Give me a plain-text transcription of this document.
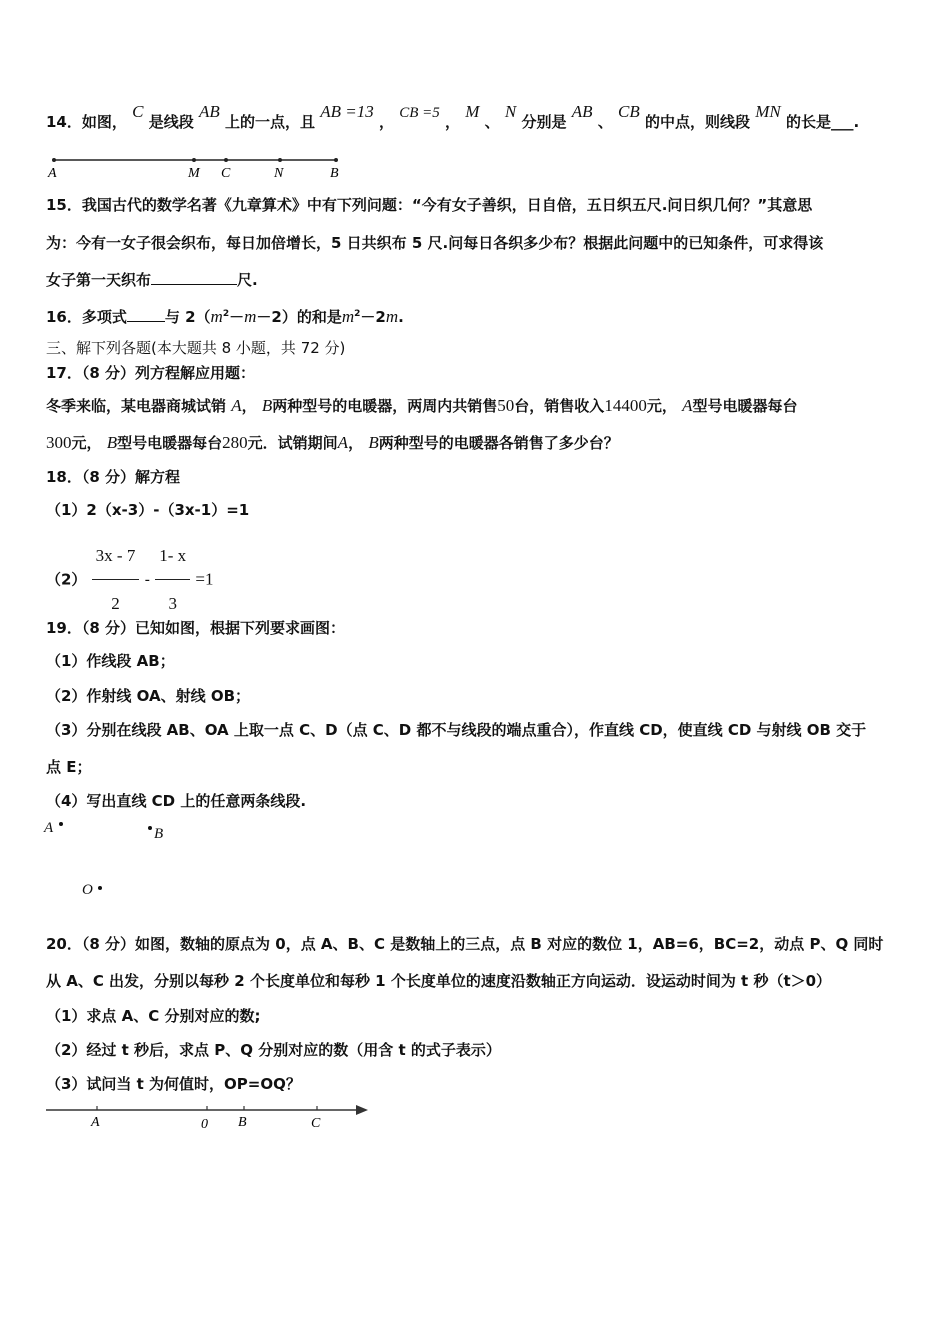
14．如图， C 是线段 AB 上的一点，且 AB =13 ， CB =5 ， M 、 N 分别是 AB 、 CB 的中点，则线段 MN 的长是___.
A	M C	N	B
15．我国古代的数学名著《九章算术》中有下列问题：“今有女子善织，日自倍，五日织五尺.问日织几何？”其意思
为：今有一女子很会织布，每日加倍增长，5 日共织布 5 尺.问每日各织多少布？根据此问题中的已知条件，可求得该
女子第一天织布	尺.
16．多项式	与 $2(m^2-m-2)$的和是$m^2-2m$.
三、解下列各题(本大题共 8 小题，共 72 分)
17．（8 分）列方程解应用题：
冬季来临，某电器商城试销 A， B两种型号的电暖器，两周内共销售50台，销售收入14400元， A型号电暖器每台
300元， B型号电暖器每台280元．试销期间A， B两种型号的电暖器各销售了多少台？
18．（8 分）解方程
（1）2（x-3）-（3x-1）=1
$(2) \frac{3x - 7}{2} - \frac{1- x}{3} =1$
19．（8 分）已知如图，根据下列要求画图：
（1）作线段 AB；
（2）作射线 OA、射线 OB；
（3）分别在线段 AB、OA 上取一点 C、D（点 C、D 都不与线段的端点重合），作直线 CD，使直线 CD 与射线 OB 交于
点 E；
（4）写出直线 CD 上的任意两条线段.
A	B
O
20．（8 分）如图，数轴的原点为 0，点 A、B、C 是数轴上的三点，点 B 对应的数位 1，AB=6，BC=2，动点 P、Q 同时
从 A、C 出发，分别以每秒 2 个长度单位和每秒 1 个长度单位的速度沿数轴正方向运动．设运动时间为 t 秒（t＞0）
（1）求点 A、C 分别对应的数;
（2）经过 t 秒后，求点 P、Q 分别对应的数（用含 t 的式子表示）
（3）试问当 t 为何值时，OP=OQ？
A	0 B	C
